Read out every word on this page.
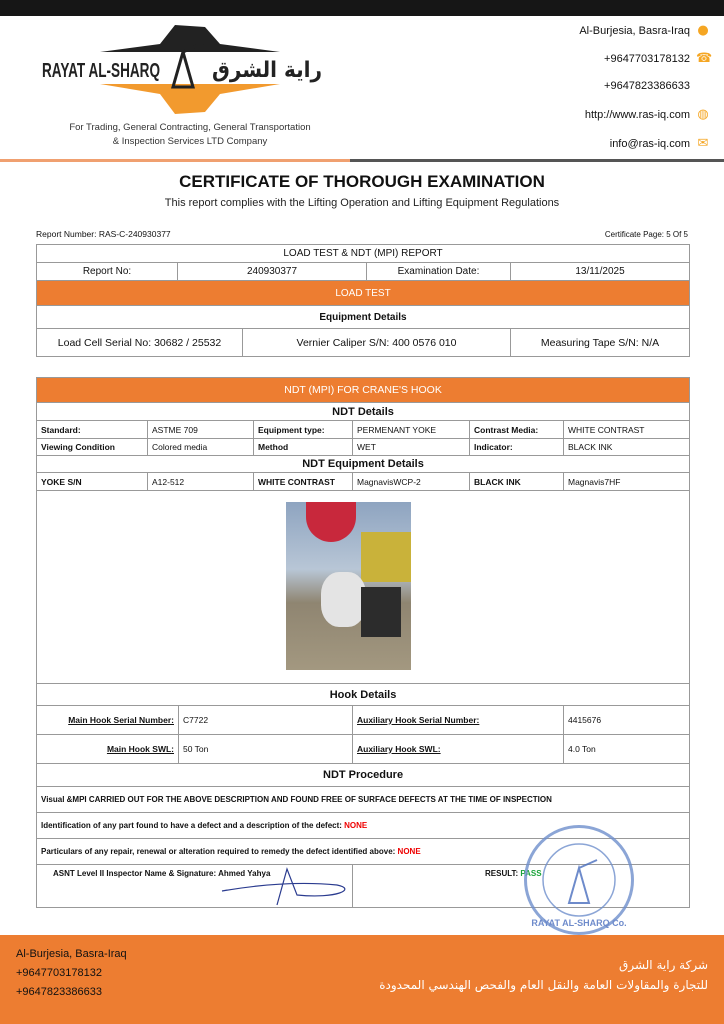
RAYAT AL-SHARQ راية الشرق
For Trading, General Contracting, General Transportation
& Inspection Services LTD Company
Al-Burjesia, Basra-Iraq ●
+9647703178132 ☎
+9647823386633
http://www.ras-iq.com ◍
info@ras-iq.com ✉
CERTIFICATE OF THOROUGH EXAMINATION
This report complies with the Lifting Operation and Lifting Equipment Regulations
Report Number: RAS-C-240930377	Certificate Page: 5 Of 5
LOAD TEST & NDT (MPI) REPORT				
Report No:	240930377		Examination Date:	13/11/2025
LOAD TEST				
Equipment Details				
Load Cell Serial No: 30682 / 25532		Vernier Caliper S/N: 400 0576 010		Measuring Tape S/N: N/A
NDT (MPI) FOR CRANE'S HOOK						
NDT Details						
Standard:	ASTME 709		Equipment type:	PERMENANT YOKE	Contrast Media:	WHITE CONTRAST
Viewing Condition	Colored media		Method	WET	Indicator:	BLACK INK
NDT Equipment Details						
YOKE S/N	A12-512		WHITE CONTRAST	MagnavisWCP-2	BLACK INK	Magnavis7HF

Hook Details						
Main Hook Serial Number:		C7722		Auxiliary Hook Serial Number:		4415676
Main Hook SWL:		50 Ton		Auxiliary Hook SWL:		4.0 Ton
NDT Procedure						
Visual &MPI CARRIED OUT FOR THE ABOVE DESCRIPTION AND FOUND FREE OF SURFACE DEFECTS AT THE TIME OF INSPECTION						
Identification of any part found to have a defect and a description of the defect: NONE						
Particulars of any repair, renewal or alteration required to remedy the defect identified above: NONE						
ASNT Level II Inspector Name & Signature: Ahmed Yahya				RESULT: PASS		
RAYAT AL-SHARQ Co.
Al-Burjesia, Basra-Iraq
+9647703178132
+9647823386633
شركة راية الشرق
للتجارة والمقاولات العامة والنقل العام والفحص الهندسي المحدودة
